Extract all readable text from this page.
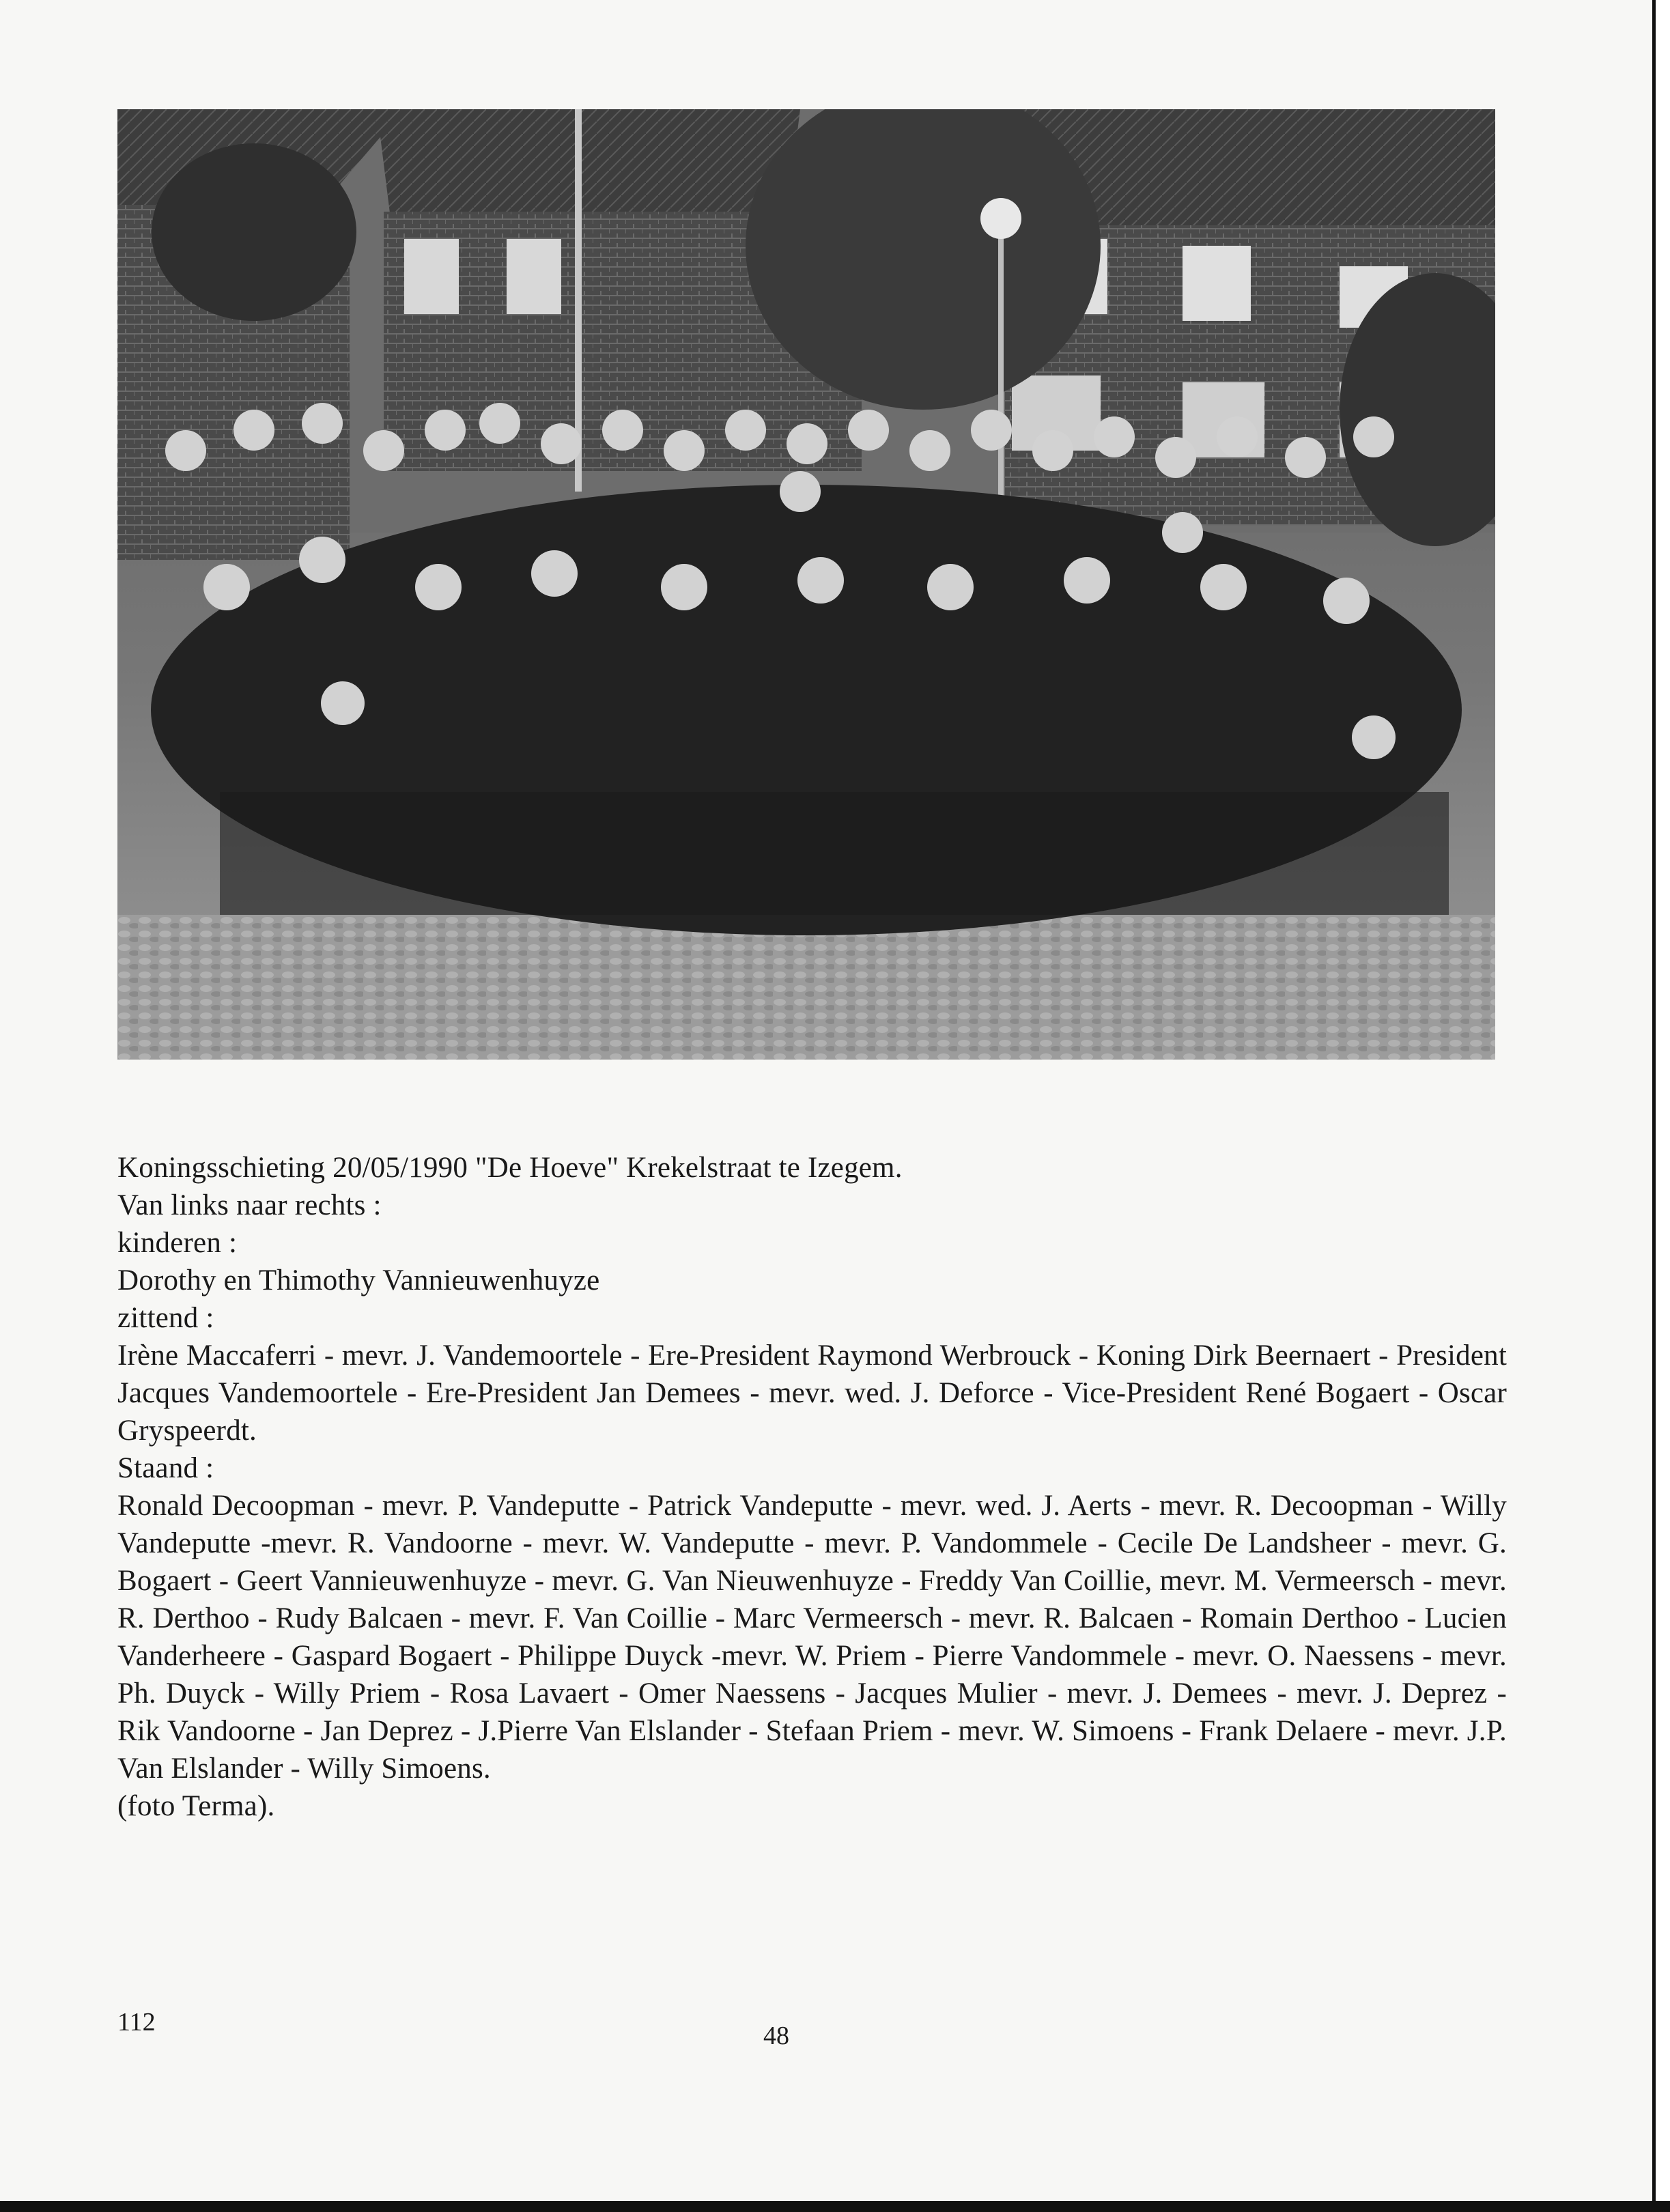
Koningsschieting 20/05/1990 "De Hoeve" Krekelstraat te Izegem.

Van links naar rechts :

kinderen :

Dorothy en Thimothy Vannieuwenhuyze

zittend :

Irène Maccaferri - mevr. J. Vandemoortele - Ere-President Raymond Werbrouck - Koning Dirk Beernaert - President Jacques Vandemoortele - Ere-President Jan Demees - mevr. wed. J. Deforce - Vice-President René Bogaert - Oscar Gryspeerdt.

Staand :

Ronald Decoopman - mevr. P. Vandeputte - Patrick Vandeputte - mevr. wed. J. Aerts - mevr. R. Decoopman - Willy Vandeputte -mevr. R. Vandoorne - mevr. W. Vandeputte - mevr. P. Vandommele - Cecile De Landsheer - mevr. G. Bogaert - Geert Vannieuwenhuyze - mevr. G. Van Nieuwenhuyze - Freddy Van Coillie, mevr. M. Vermeersch - mevr. R. Derthoo - Rudy Balcaen - mevr. F. Van Coillie - Marc Vermeersch - mevr. R. Balcaen - Romain Derthoo - Lucien Vanderheere - Gaspard Bogaert - Philippe Duyck -mevr. W. Priem - Pierre Vandommele - mevr. O. Naessens - mevr. Ph. Duyck - Willy Priem - Rosa Lavaert - Omer Naessens - Jacques Mulier - mevr. J. Demees - mevr. J. Deprez - Rik Vandoorne - Jan Deprez - J.Pierre Van Elslander - Stefaan Priem - mevr. W. Simoens - Frank Delaere - mevr. J.P. Van Elslander - Willy Simoens.

(foto Terma).

112	48
